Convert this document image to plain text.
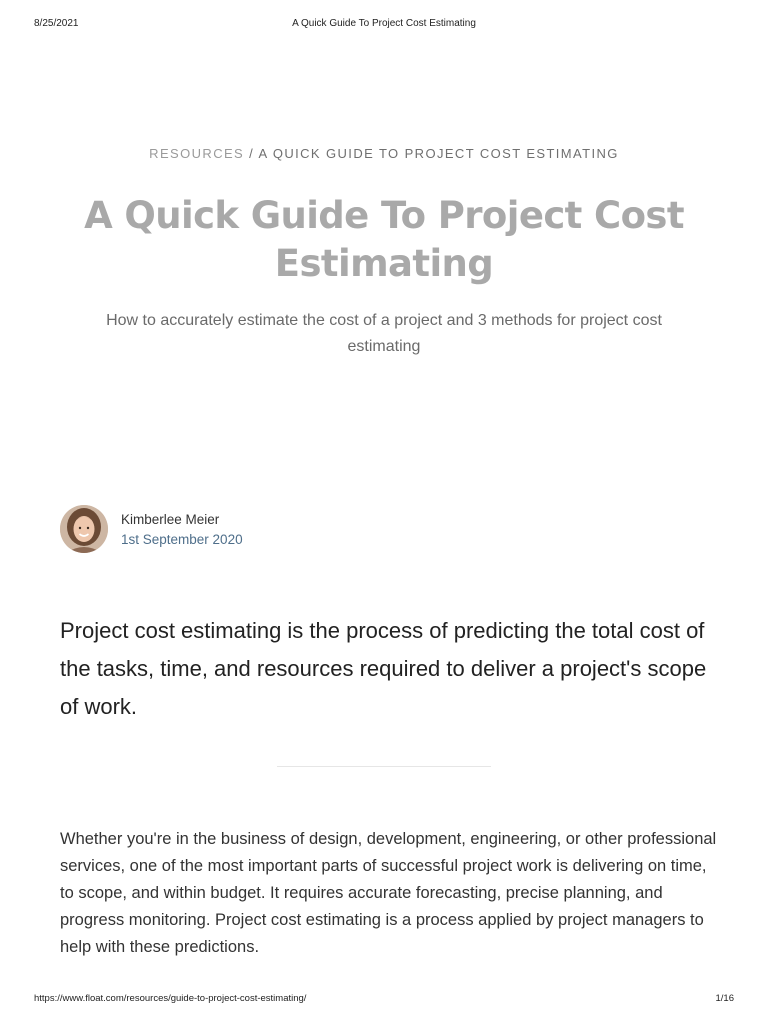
8/25/2021	A Quick Guide To Project Cost Estimating
RESOURCES / A QUICK GUIDE TO PROJECT COST ESTIMATING
A Quick Guide To Project Cost Estimating
How to accurately estimate the cost of a project and 3 methods for project cost estimating
Kimberlee Meier
1st September 2020

Project cost estimating is the process of predicting the total cost of the tasks, time, and resources required to deliver a project's scope of work.

Whether you're in the business of design, development, engineering, or other professional services, one of the most important parts of successful project work is delivering on time, to scope, and within budget. It requires accurate forecasting, precise planning, and progress monitoring. Project cost estimating is a process applied by project managers to help with these predictions.

https://www.float.com/resources/guide-to-project-cost-estimating/	1/16
